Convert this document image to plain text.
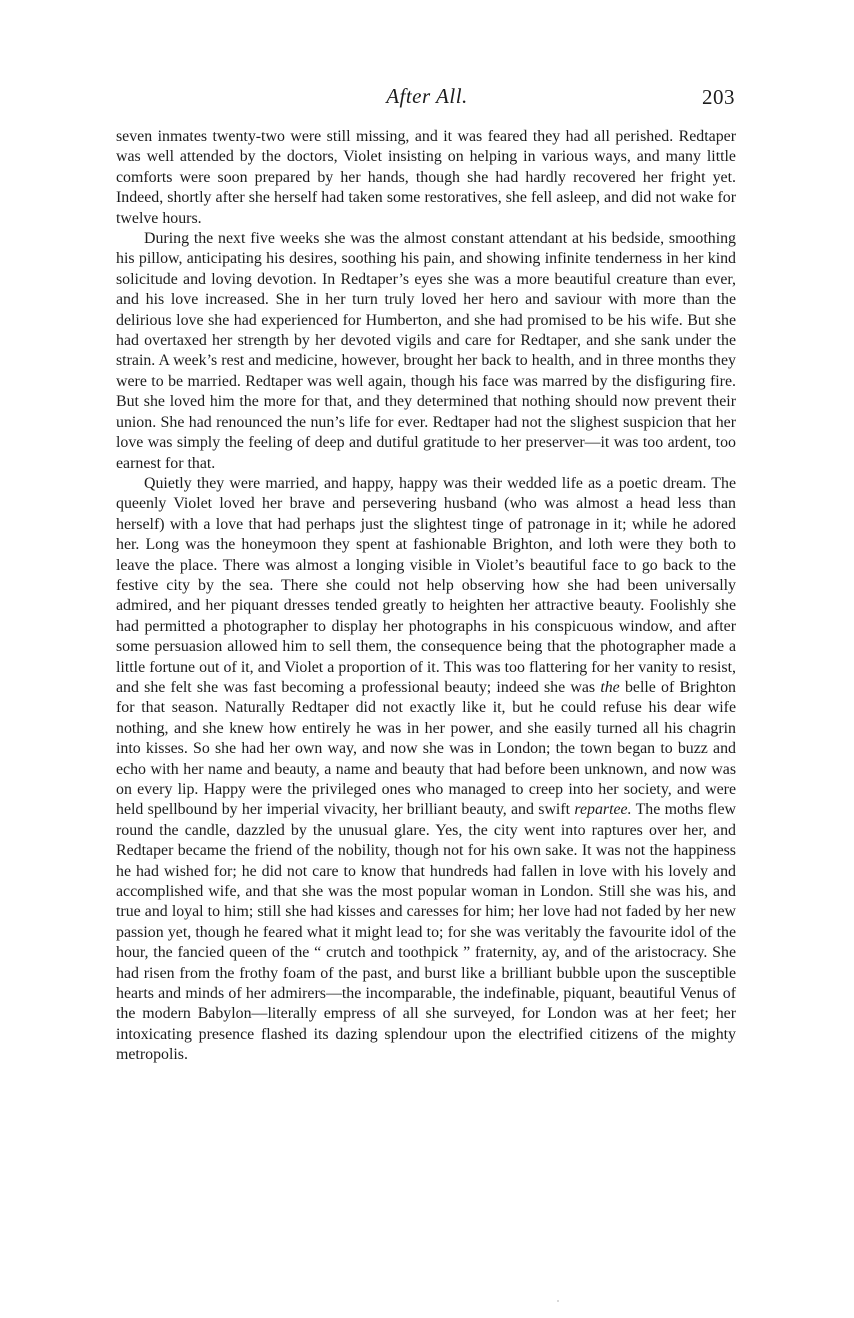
After All.	203

seven inmates twenty-two were still missing, and it was feared they had all perished. Redtaper was well attended by the doctors, Violet insisting on helping in various ways, and many little comforts were soon prepared by her hands, though she had hardly recovered her fright yet. Indeed, shortly after she herself had taken some restoratives, she fell asleep, and did not wake for twelve hours.

During the next five weeks she was the almost constant attendant at his bedside, smoothing his pillow, anticipating his desires, soothing his pain, and showing infinite tenderness in her kind solicitude and loving devotion. In Redtaper’s eyes she was a more beautiful creature than ever, and his love increased. She in her turn truly loved her hero and saviour with more than the delirious love she had experienced for Humberton, and she had promised to be his wife. But she had overtaxed her strength by her devoted vigils and care for Redtaper, and she sank under the strain. A week’s rest and medicine, however, brought her back to health, and in three months they were to be married. Redtaper was well again, though his face was marred by the disfiguring fire. But she loved him the more for that, and they determined that nothing should now prevent their union. She had renounced the nun’s life for ever. Redtaper had not the slighest suspicion that her love was simply the feeling of deep and dutiful gratitude to her preserver—it was too ardent, too earnest for that.

Quietly they were married, and happy, happy was their wedded life as a poetic dream. The queenly Violet loved her brave and persevering husband (who was almost a head less than herself) with a love that had perhaps just the slightest tinge of patronage in it; while he adored her. Long was the honeymoon they spent at fashionable Brighton, and loth were they both to leave the place. There was almost a longing visible in Violet’s beautiful face to go back to the festive city by the sea. There she could not help observing how she had been universally admired, and her piquant dresses tended greatly to heighten her attractive beauty. Foolishly she had permitted a photographer to display her photographs in his conspicuous window, and after some persuasion allowed him to sell them, the consequence being that the photographer made a little fortune out of it, and Violet a proportion of it. This was too flattering for her vanity to resist, and she felt she was fast becoming a professional beauty; indeed she was the belle of Brighton for that season. Naturally Redtaper did not exactly like it, but he could refuse his dear wife nothing, and she knew how entirely he was in her power, and she easily turned all his chagrin into kisses. So she had her own way, and now she was in London; the town began to buzz and echo with her name and beauty, a name and beauty that had before been unknown, and now was on every lip. Happy were the privileged ones who managed to creep into her society, and were held spellbound by her imperial vivacity, her brilliant beauty, and swift repartee. The moths flew round the candle, dazzled by the unusual glare. Yes, the city went into raptures over her, and Redtaper became the friend of the nobility, though not for his own sake. It was not the happiness he had wished for; he did not care to know that hundreds had fallen in love with his lovely and accomplished wife, and that she was the most popular woman in London. Still she was his, and true and loyal to him; still she had kisses and caresses for him; her love had not faded by her new passion yet, though he feared what it might lead to; for she was veritably the favourite idol of the hour, the fancied queen of the “ crutch and toothpick ” fraternity, ay, and of the aristocracy. She had risen from the frothy foam of the past, and burst like a brilliant bubble upon the susceptible hearts and minds of her admirers—the incomparable, the indefinable, piquant, beautiful Venus of the modern Babylon—literally empress of all she surveyed, for London was at her feet; her intoxicating presence flashed its dazing splendour upon the electrified citizens of the mighty metropolis.
